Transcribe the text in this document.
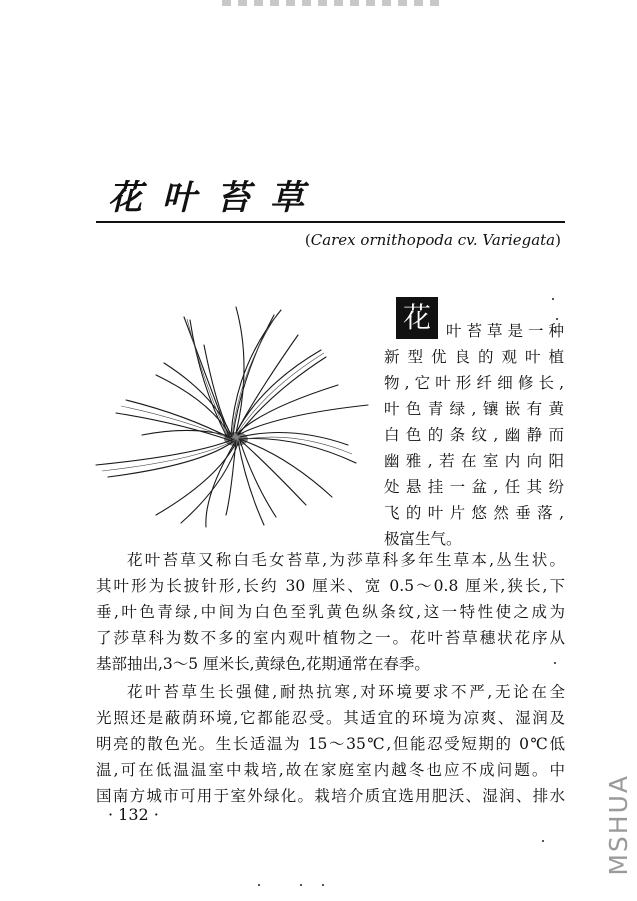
花叶苔草
(Carex ornithopoda cv. Variegata)
花 叶苔草是一种
新型优良的观叶植
物,它叶形纤细修长,
叶色青绿,镶嵌有黄
白色的条纹,幽静而
幽雅,若在室内向阳
处悬挂一盆,任其纷
飞的叶片悠然垂落,
极富生气。
花叶苔草又称白毛女苔草,为莎草科多年生草本,丛生状。
其叶形为长披针形,长约 30 厘米、宽 0.5～0.8 厘米,狭长,下
垂,叶色青绿,中间为白色至乳黄色纵条纹,这一特性使之成为
了莎草科为数不多的室内观叶植物之一。花叶苔草穗状花序从
基部抽出,3～5 厘米长,黄绿色,花期通常在春季。
花叶苔草生长强健,耐热抗寒,对环境要求不严,无论在全
光照还是蔽荫环境,它都能忍受。其适宜的环境为凉爽、湿润及
明亮的散色光。生长适温为 15～35℃,但能忍受短期的 0℃低
温,可在低温温室中栽培,故在家庭室内越冬也应不成问题。中
国南方城市可用于室外绿化。栽培介质宜选用肥沃、湿润、排水
· 132 ·	MSHUA
